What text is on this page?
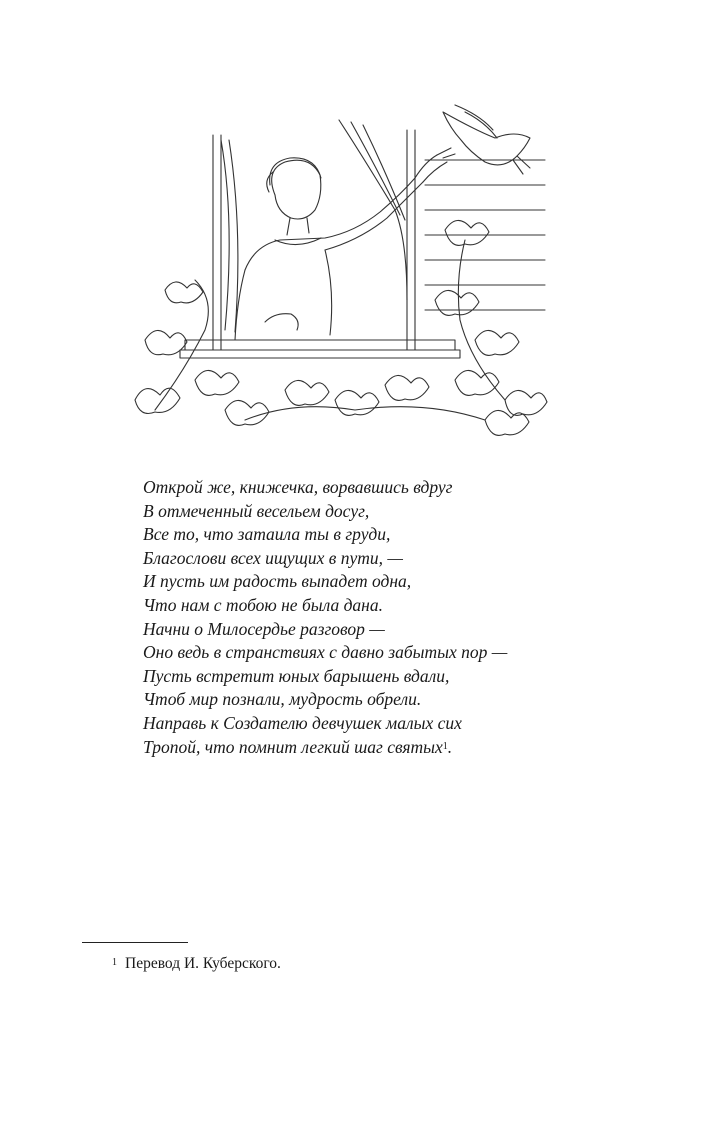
Открой же, книжечка, ворвавшись вдруг
В отмеченный весельем досуг,
Все то, что затаила ты в груди,
Благослови всех ищущих в пути, —
И пусть им радость выпадет одна,
Что нам с тобою не была дана.
Начни о Милосердье разговор —
Оно ведь в странствиях с давно забытых пор —
Пусть встретит юных барышень вдали,
Чтоб мир познали, мудрость обрели.
Направь к Создателю девчушек малых сих
Тропой, что помнит легкий шаг святых$^1$.
$^1$ Перевод И. Куберского.
